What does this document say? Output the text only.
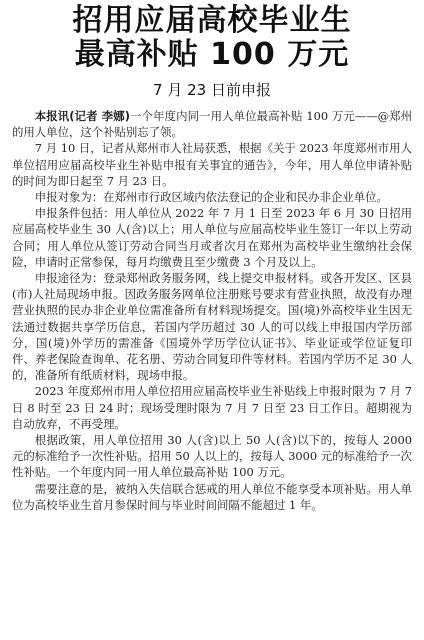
招用应届高校毕业生
最高补贴 100 万元
7 月 23 日前申报

本报讯(记者 李娜)一个年度内同一用人单位最高补贴 100 万元——@郑州的用人单位，这个补贴别忘了领。

7 月 10 日，记者从郑州市人社局获悉，根据《关于 2023 年度郑州市用人单位招用应届高校毕业生补贴申报有关事宜的通告》，今年，用人单位申请补贴的时间为即日起至 7 月 23 日。

申报对象为：在郑州市行政区域内依法登记的企业和民办非企业单位。

申报条件包括：用人单位从 2022 年 7 月 1 日至 2023 年 6 月 30 日招用应届高校毕业生 30 人(含)以上；用人单位与应届高校毕业生签订一年以上劳动合同；用人单位从签订劳动合同当月或者次月在郑州为高校毕业生缴纳社会保险，申请时正常参保，每月均缴费且至少缴费 3 个月及以上。

申报途径为：登录郑州政务服务网，线上提交申报材料。或各开发区、区县(市)人社局现场申报。因政务服务网单位注册账号要求有营业执照，故没有办理营业执照的民办非企业单位需准备所有材料现场提交。国(境)外高校毕业生因无法通过数据共享学历信息，若国内学历超过 30 人的可以线上申报国内学历部分，国(境)外学历的需准备《国境外学历学位认证书》、毕业证或学位证复印件、养老保险查询单、花名册、劳动合同复印件等材料。若国内学历不足 30 人的，准备所有纸质材料，现场申报。

2023 年度郑州市用人单位招用应届高校毕业生补贴线上申报时限为 7 月 7 日 8 时至 23 日 24 时；现场受理时限为 7 月 7 日至 23 日工作日。超期视为自动放弃，不再受理。

根据政策，用人单位招用 30 人(含)以上 50 人(含)以下的，按每人 2000 元的标准给予一次性补贴。招用 50 人以上的，按每人 3000 元的标准给予一次性补贴。一个年度内同一用人单位最高补贴 100 万元。

需要注意的是，被纳入失信联合惩戒的用人单位不能享受本项补贴。用人单位为高校毕业生首月参保时间与毕业时间间隔不能超过 1 年。
